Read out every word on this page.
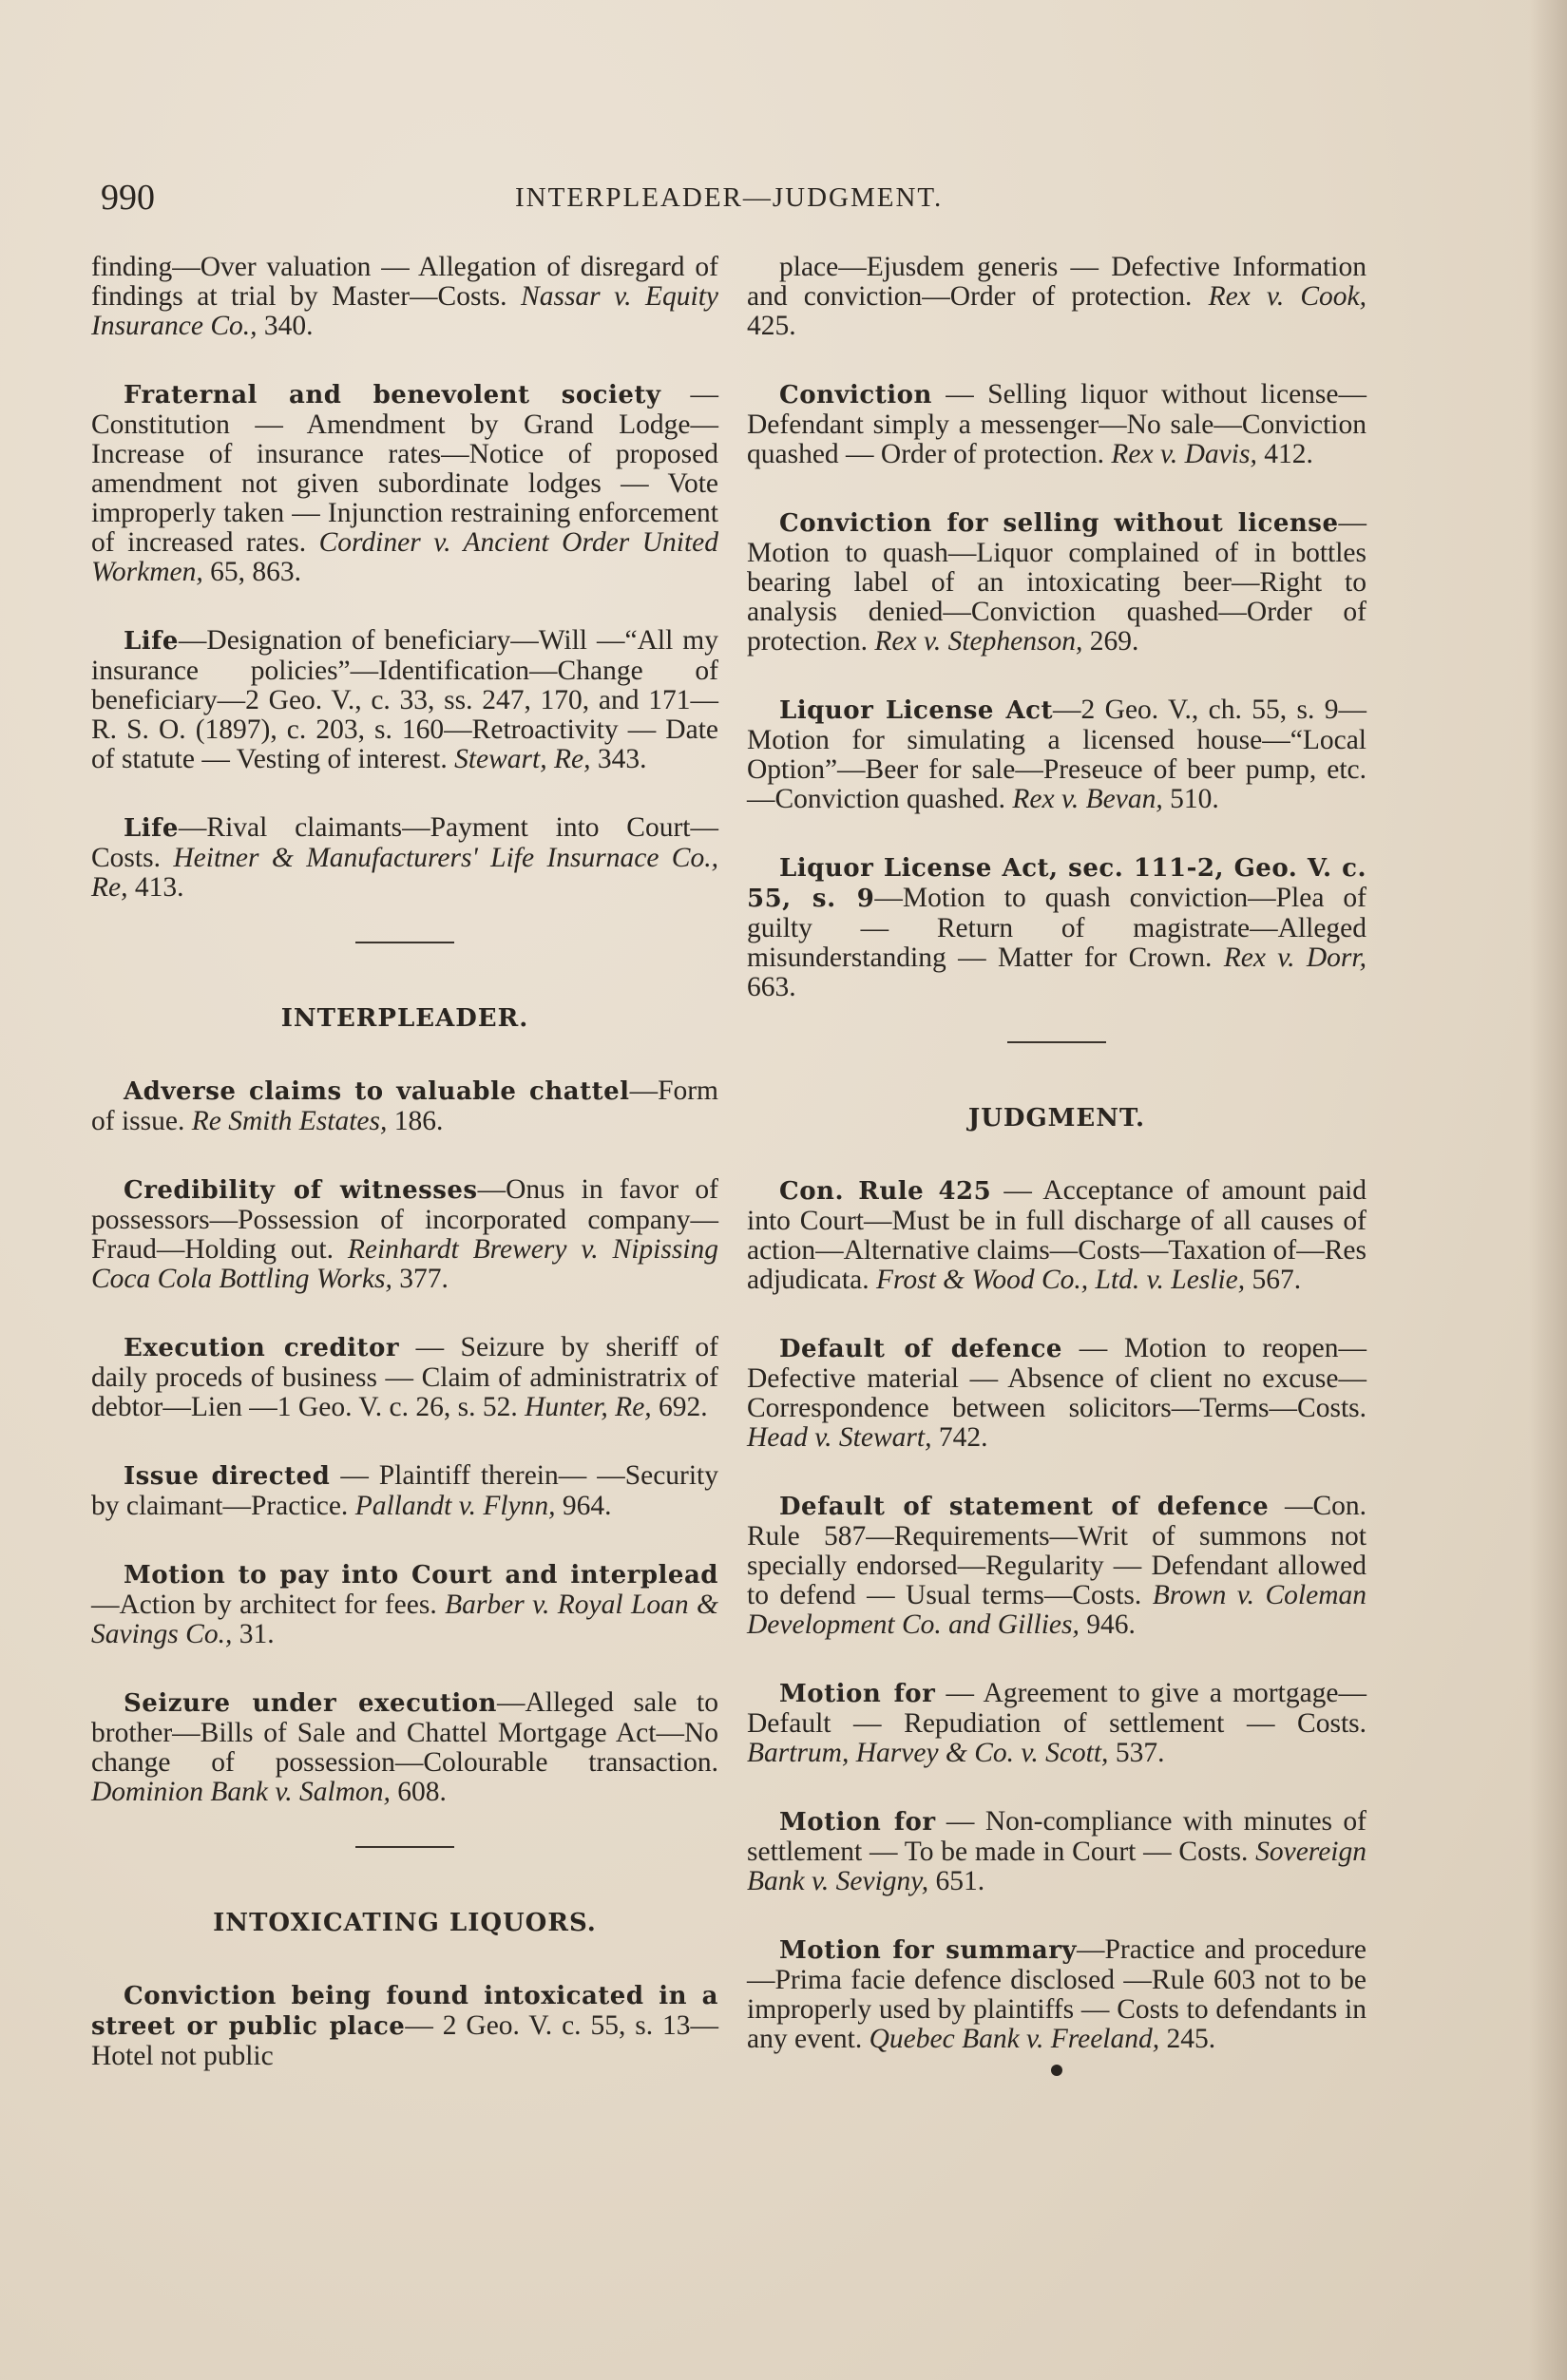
990	INTERPLEADER—JUDGMENT.

finding—Over valuation — Allegation of disregard of findings at trial by Master—Costs. Nassar v. Equity Insurance Co., 340.

Fraternal and benevolent society —Constitution — Amendment by Grand Lodge—Increase of insurance rates—Notice of proposed amendment not given subordinate lodges — Vote improperly taken — Injunction restraining enforcement of increased rates. Cordiner v. Ancient Order United Workmen, 65, 863.

Life—Designation of beneficiary—Will —“All my insurance policies”—Identification—Change of beneficiary—2 Geo. V., c. 33, ss. 247, 170, and 171—R. S. O. (1897), c. 203, s. 160—Retroactivity — Date of statute — Vesting of interest. Stewart, Re, 343.

Life—Rival claimants—Payment into Court—Costs. Heitner & Manufacturers' Life Insurnace Co., Re, 413.

INTERPLEADER.

Adverse claims to valuable chattel—Form of issue. Re Smith Estates, 186.

Credibility of witnesses—Onus in favor of possessors—Possession of incorporated company—Fraud—Holding out. Reinhardt Brewery v. Nipissing Coca Cola Bottling Works, 377.

Execution creditor — Seizure by sheriff of daily proceds of business — Claim of administratrix of debtor—Lien —1 Geo. V. c. 26, s. 52. Hunter, Re, 692.

Issue directed — Plaintiff therein— —Security by claimant—Practice. Pallandt v. Flynn, 964.

Motion to pay into Court and interplead—Action by architect for fees. Barber v. Royal Loan & Savings Co., 31.

Seizure under execution—Alleged sale to brother—Bills of Sale and Chattel Mortgage Act—No change of possession—Colourable transaction. Dominion Bank v. Salmon, 608.

INTOXICATING LIQUORS.

Conviction being found intoxicated in a street or public place— 2 Geo. V. c. 55, s. 13—Hotel not public

place—Ejusdem generis — Defective Information and conviction—Order of protection. Rex v. Cook, 425.

Conviction — Selling liquor without license—Defendant simply a messenger—No sale—Conviction quashed — Order of protection. Rex v. Davis, 412.

Conviction for selling without license—Motion to quash—Liquor complained of in bottles bearing label of an intoxicating beer—Right to analysis denied—Conviction quashed—Order of protection. Rex v. Stephenson, 269.

Liquor License Act—2 Geo. V., ch. 55, s. 9—Motion for simulating a licensed house—“Local Option”—Beer for sale—Preseuce of beer pump, etc.—Conviction quashed. Rex v. Bevan, 510.

Liquor License Act, sec. 111-2, Geo. V. c. 55, s. 9—Motion to quash conviction—Plea of guilty — Return of magistrate—Alleged misunderstanding — Matter for Crown. Rex v. Dorr, 663.

JUDGMENT.

Con. Rule 425 — Acceptance of amount paid into Court—Must be in full discharge of all causes of action—Alternative claims—Costs—Taxation of—Res adjudicata. Frost & Wood Co., Ltd. v. Leslie, 567.

Default of defence — Motion to reopen—Defective material — Absence of client no excuse—Correspondence between solicitors—Terms—Costs. Head v. Stewart, 742.

Default of statement of defence —Con. Rule 587—Requirements—Writ of summons not specially endorsed—Regularity — Defendant allowed to defend — Usual terms—Costs. Brown v. Coleman Development Co. and Gillies, 946.

Motion for — Agreement to give a mortgage—Default — Repudiation of settlement — Costs. Bartrum, Harvey & Co. v. Scott, 537.

Motion for — Non-compliance with minutes of settlement — To be made in Court — Costs. Sovereign Bank v. Sevigny, 651.

Motion for summary—Practice and procedure—Prima facie defence disclosed —Rule 603 not to be improperly used by plaintiffs — Costs to defendants in any event. Quebec Bank v. Freeland, 245.
